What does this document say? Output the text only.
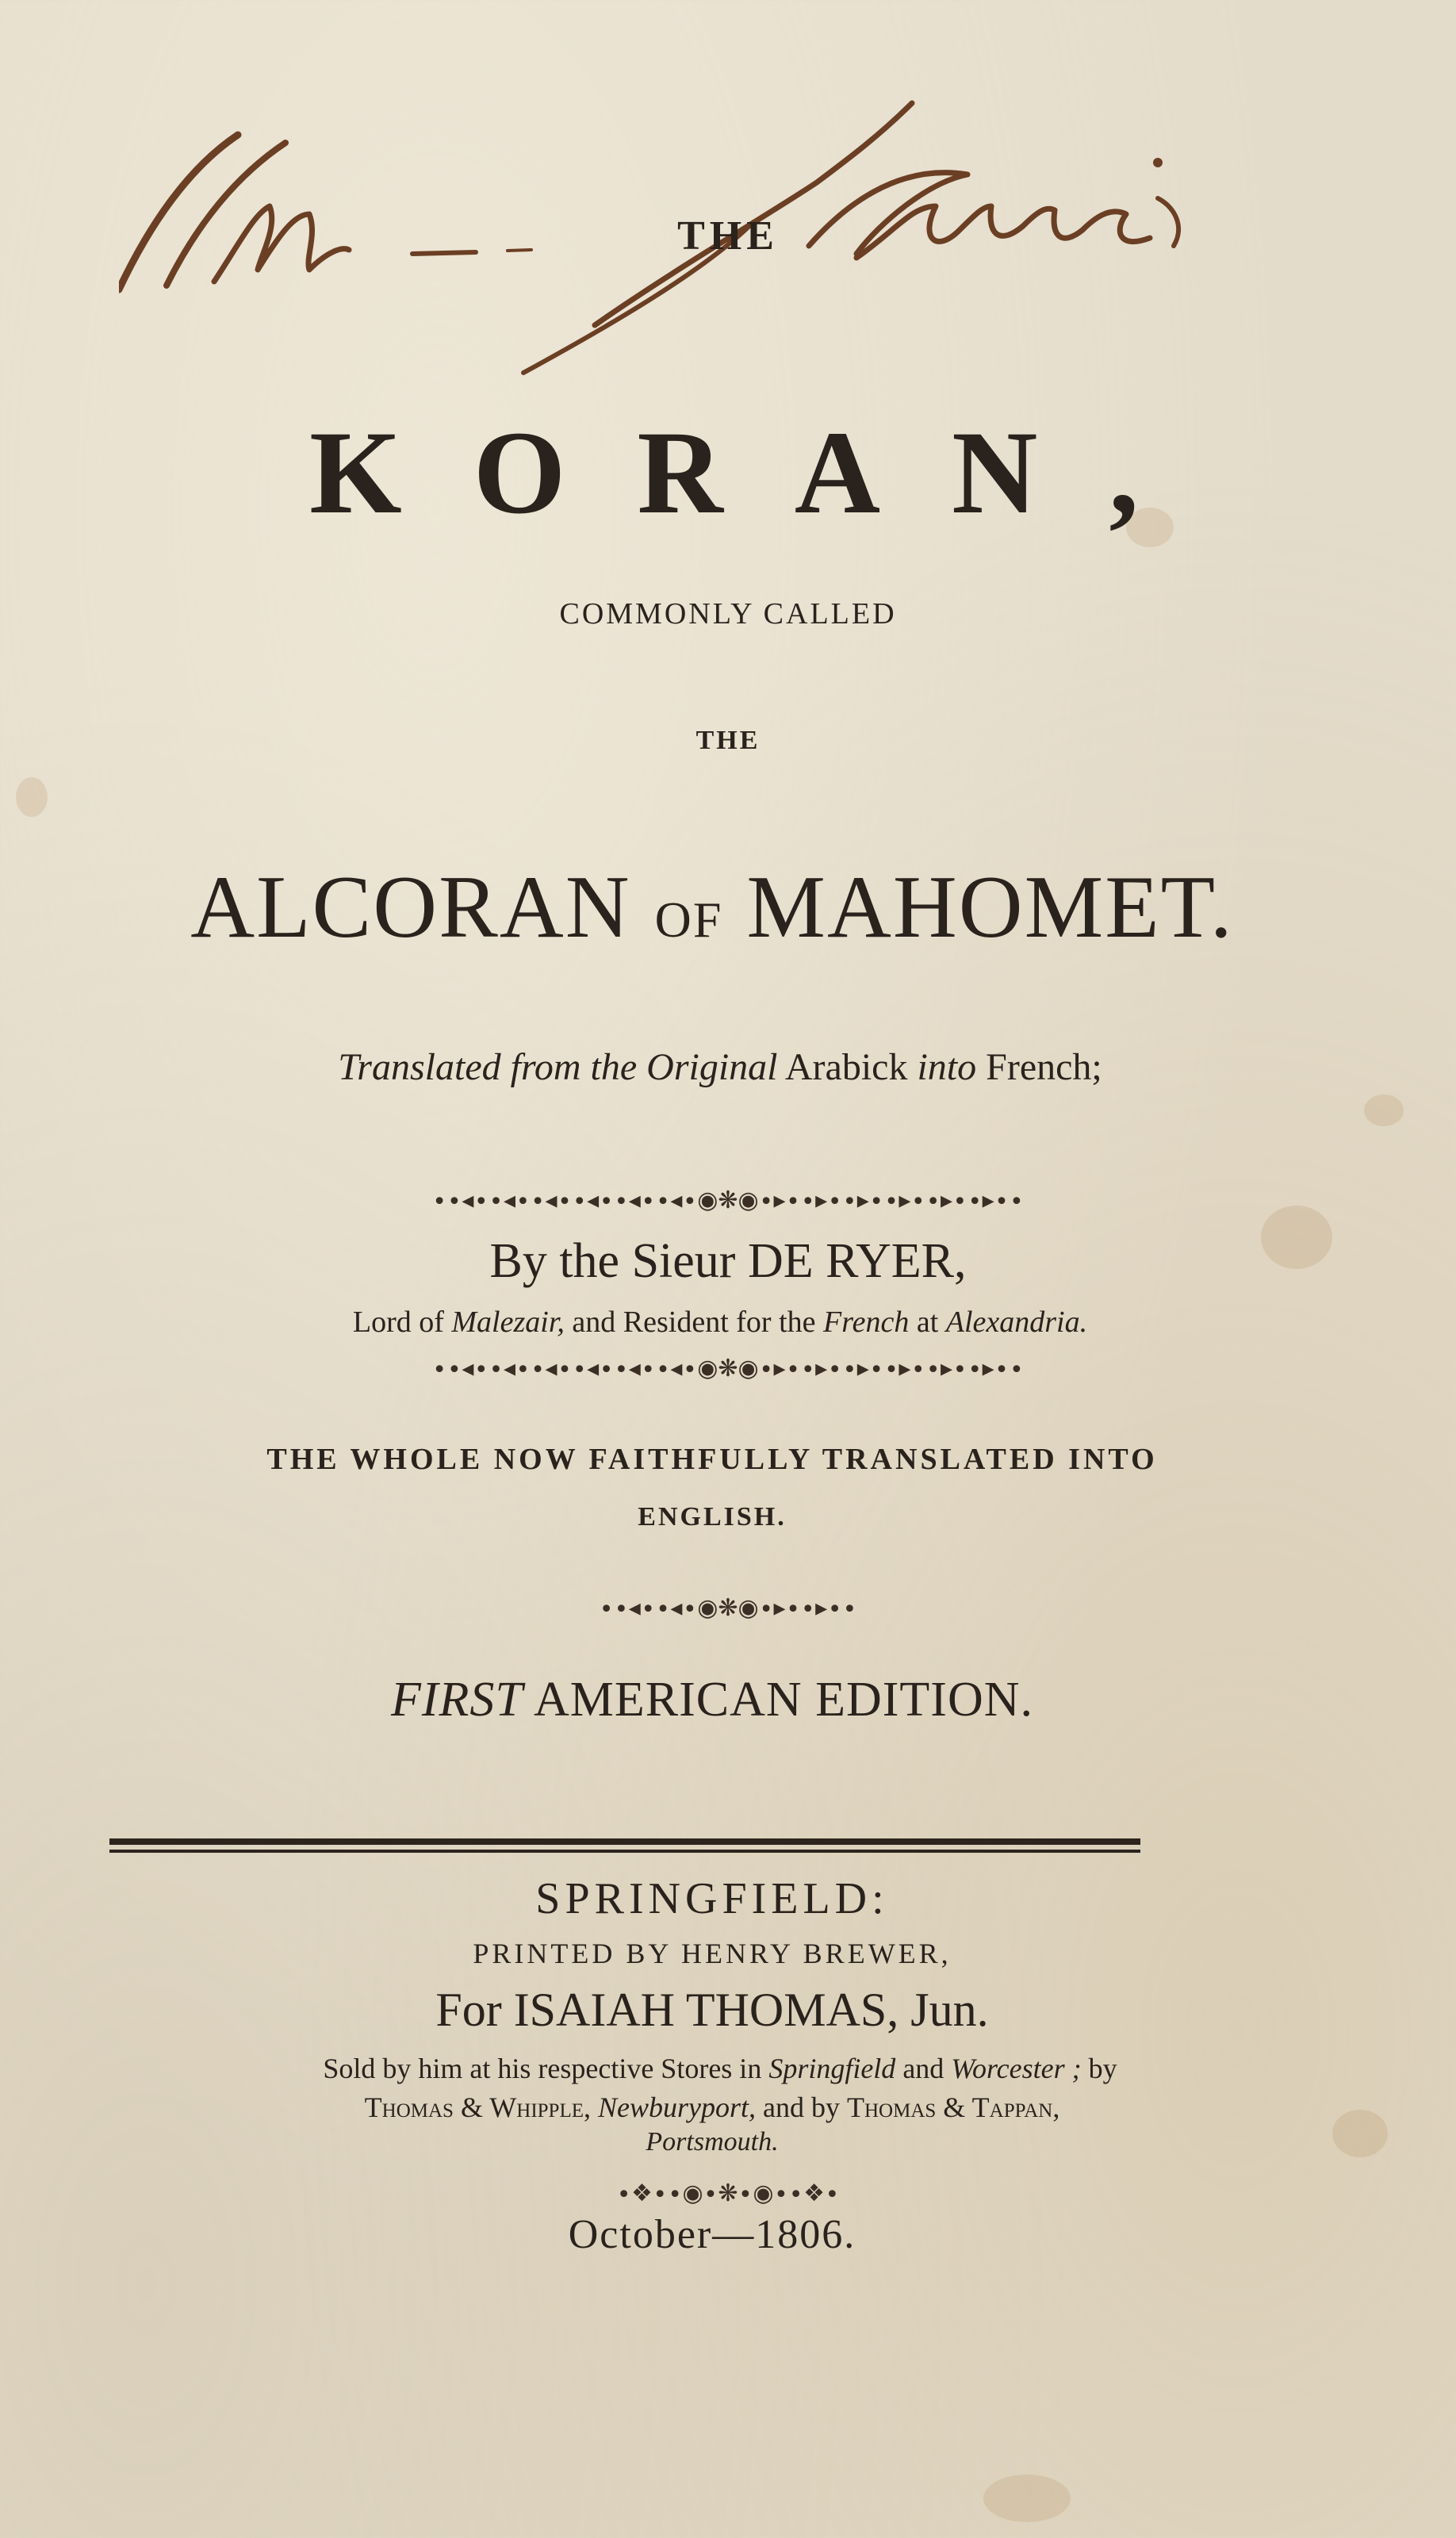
THE
KORAN,
COMMONLY CALLED
THE
ALCORAN OF MAHOMET.
Translated from the Original Arabick into French;
∙∙◂∙∙◂∙∙◂∙∙◂∙∙◂∙∙◂∙◉❋◉∙▸∙∙▸∙∙▸∙∙▸∙∙▸∙∙▸∙∙
By the Sieur DE RYER,
Lord of Malezair, and Resident for the French at Alexandria.
∙∙◂∙∙◂∙∙◂∙∙◂∙∙◂∙∙◂∙◉❋◉∙▸∙∙▸∙∙▸∙∙▸∙∙▸∙∙▸∙∙
THE WHOLE NOW FAITHFULLY TRANSLATED INTO
ENGLISH.
∙∙◂∙∙◂∙◉❋◉∙▸∙∙▸∙∙
FIRST AMERICAN EDITION.
SPRINGFIELD:
PRINTED BY HENRY BREWER,
For ISAIAH THOMAS, Jun.
Sold by him at his respective Stores in Springfield and Worcester ; by
Thomas & Whipple, Newburyport, and by Thomas & Tappan,
Portsmouth.
∙❖∙∙◉∙❋∙◉∙∙❖∙
October—1806.
